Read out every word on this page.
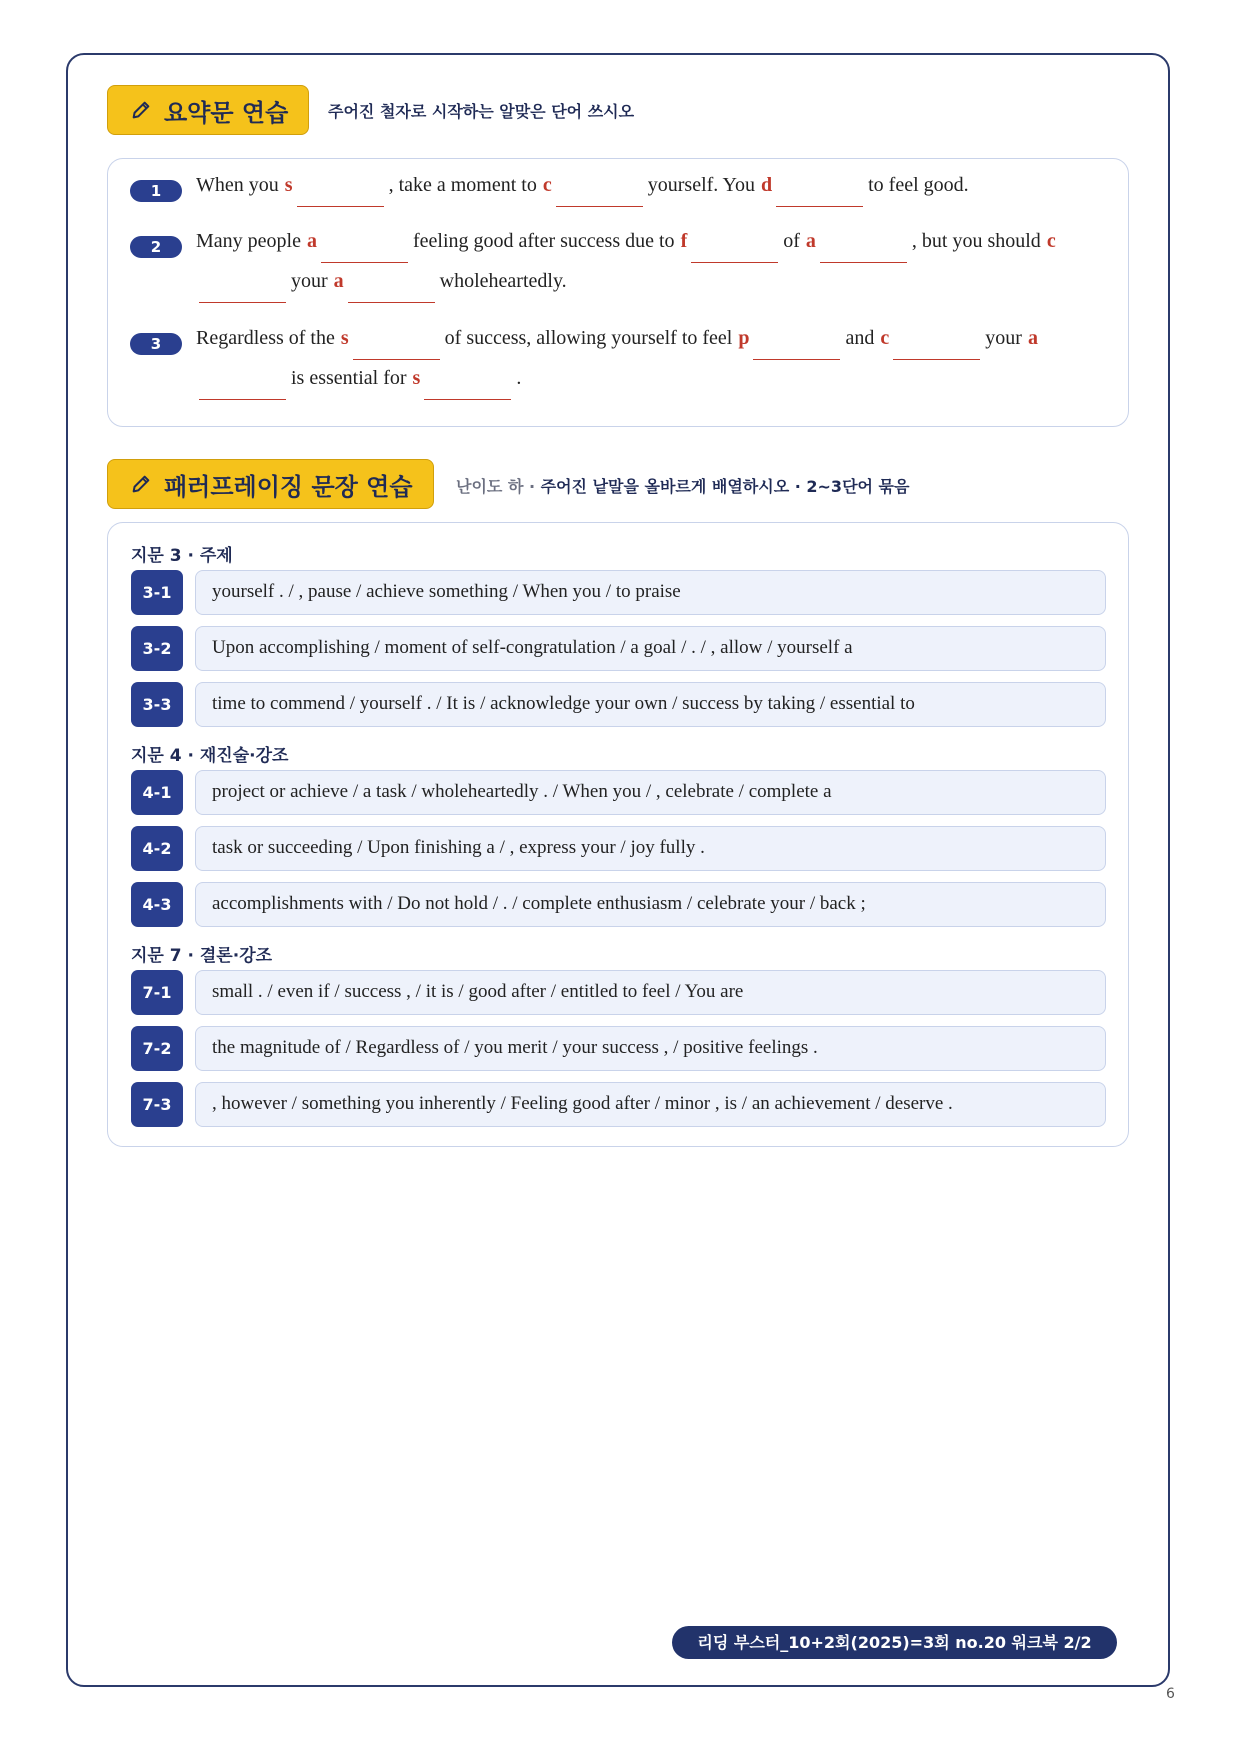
요약문 연습 주어진 철자로 시작하는 알맞은 단어 쓰시오
1	When you s	, take a moment to c	yourself. You d	to feel good.
2	Many people a	feeling good after success due to f	of a	, but you should c
your a	wholeheartedly.
3	Regardless of the s	of success, allowing yourself to feel p	and c	your a
is essential for s	.
패러프레이징 문장 연습	난이도 하 · 주어진 낱말을 올바르게 배열하시오 · 2~3단어 묶음
지문 3 · 주제
3-1	yourself . / , pause / achieve something / When you / to praise
3-2	Upon accomplishing / moment of self-congratulation / a goal / . / , allow / yourself a
3-3	time to commend / yourself . / It is / acknowledge your own / success by taking / essential to
지문 4 · 재진술·강조
4-1	project or achieve / a task / wholeheartedly . / When you / , celebrate / complete a
4-2	task or succeeding / Upon finishing a / , express your / joy fully .
4-3	accomplishments with / Do not hold / . / complete enthusiasm / celebrate your / back ;
지문 7 · 결론·강조
7-1	small . / even if / success , / it is / good after / entitled to feel / You are
7-2	the magnitude of / Regardless of / you merit / your success , / positive feelings .
7-3	, however / something you inherently / Feeling good after / minor , is / an achievement / deserve .
리딩 부스터_10+2회(2025)=3회 no.20 워크북 2/2
6
